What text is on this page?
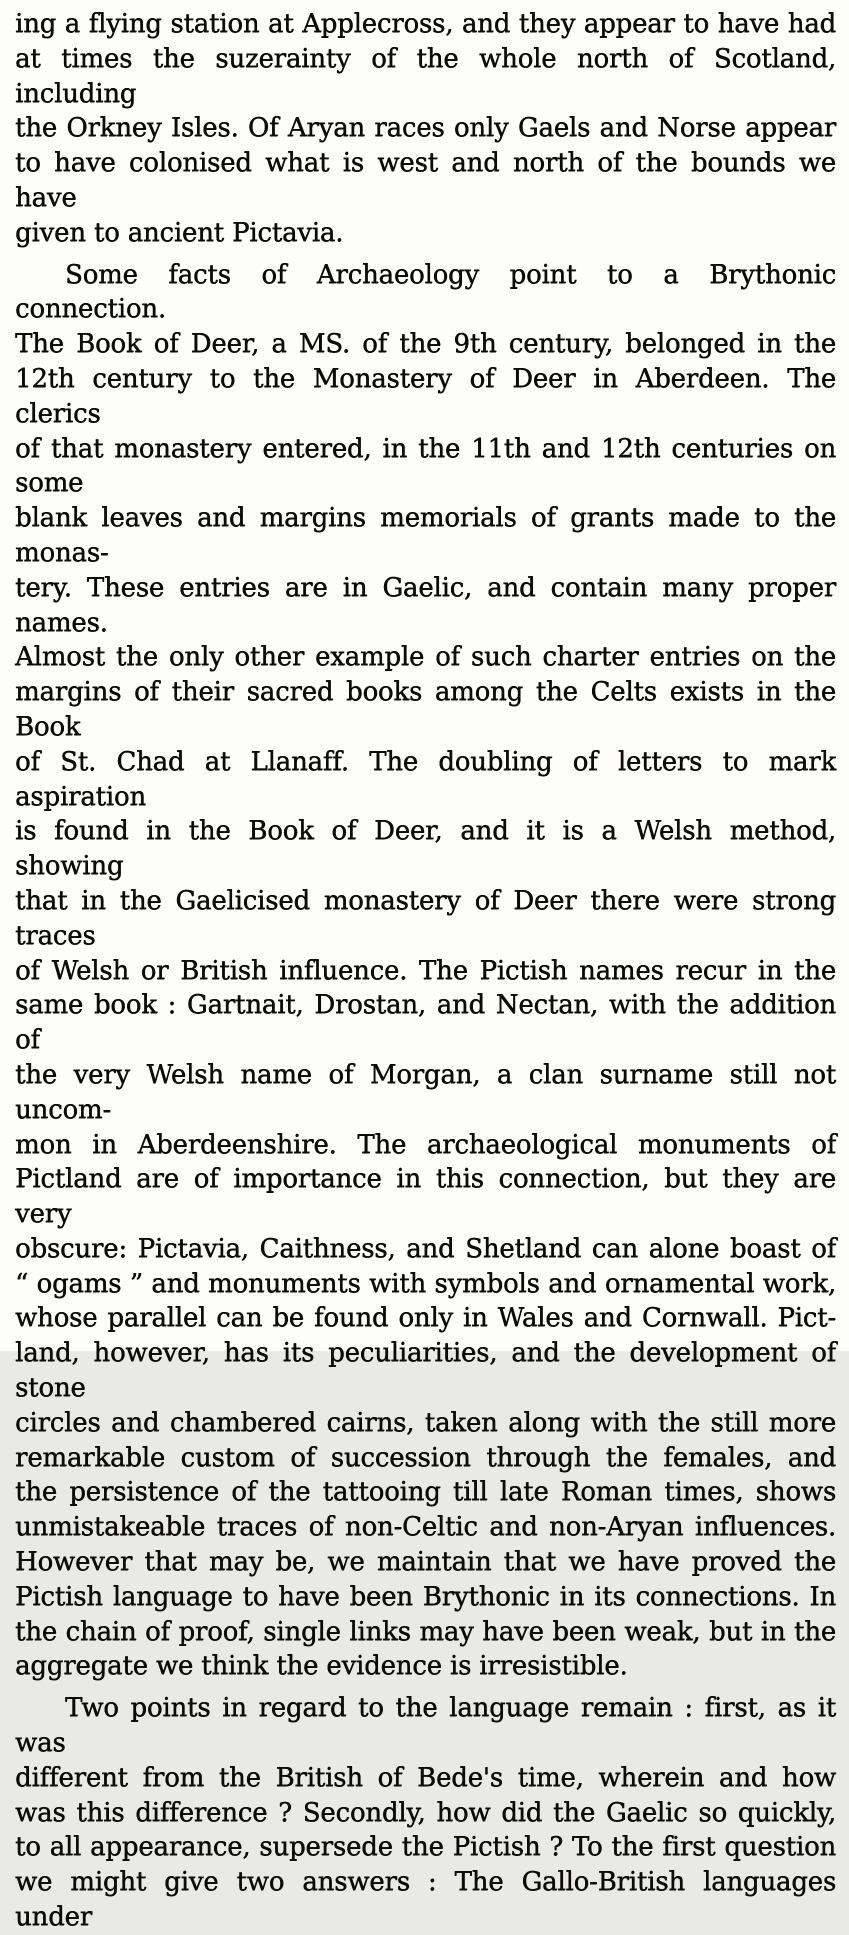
ing a flying station at Applecross, and they appear to have had
at times the suzerainty of the whole north of Scotland, including
the Orkney Isles. Of Aryan races only Gaels and Norse appear
to have colonised what is west and north of the bounds we have
given to ancient Pictavia.
Some facts of Archaeology point to a Brythonic connection.
The Book of Deer, a MS. of the 9th century, belonged in the
12th century to the Monastery of Deer in Aberdeen. The clerics
of that monastery entered, in the 11th and 12th centuries on some
blank leaves and margins memorials of grants made to the monas-
tery. These entries are in Gaelic, and contain many proper names.
Almost the only other example of such charter entries on the
margins of their sacred books among the Celts exists in the Book
of St. Chad at Llanaff. The doubling of letters to mark aspiration
is found in the Book of Deer, and it is a Welsh method, showing
that in the Gaelicised monastery of Deer there were strong traces
of Welsh or British influence. The Pictish names recur in the
same book : Gartnait, Drostan, and Nectan, with the addition of
the very Welsh name of Morgan, a clan surname still not uncom-
mon in Aberdeenshire. The archaeological monuments of
Pictland are of importance in this connection, but they are very
obscure: Pictavia, Caithness, and Shetland can alone boast of
“ ogams ” and monuments with symbols and ornamental work,
whose parallel can be found only in Wales and Cornwall. Pict-
land, however, has its peculiarities, and the development of stone
circles and chambered cairns, taken along with the still more
remarkable custom of succession through the females, and
the persistence of the tattooing till late Roman times, shows
unmistakeable traces of non-Celtic and non-Aryan influences.
However that may be, we maintain that we have proved the
Pictish language to have been Brythonic in its connections. In
the chain of proof, single links may have been weak, but in the
aggregate we think the evidence is irresistible.
Two points in regard to the language remain : first, as it was
different from the British of Bede's time, wherein and how
was this difference ? Secondly, how did the Gaelic so quickly,
to all appearance, supersede the Pictish ? To the first question
we might give two answers : The Gallo-British languages under
